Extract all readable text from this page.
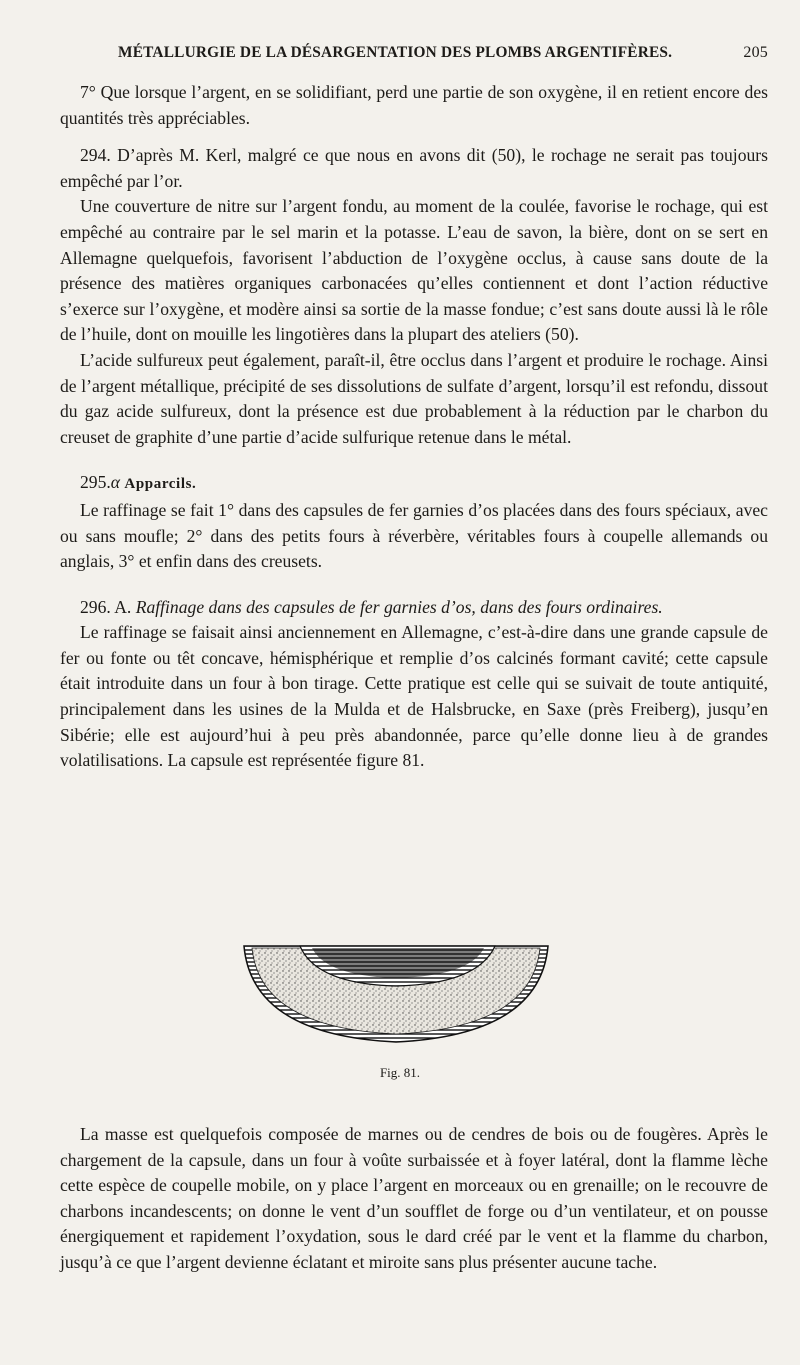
MÉTALLURGIE DE LA DÉSARGENTATION DES PLOMBS ARGENTIFÈRES.	205

7° Que lorsque l’argent, en se solidifiant, perd une partie de son oxygène, il en retient encore des quantités très appréciables.

294. D’après M. Kerl, malgré ce que nous en avons dit (50), le rochage ne serait pas toujours empêché par l’or.

Une couverture de nitre sur l’argent fondu, au moment de la coulée, favorise le rochage, qui est empêché au contraire par le sel marin et la potasse. L’eau de savon, la bière, dont on se sert en Allemagne quelquefois, favorisent l’abduction de l’oxygène occlus, à cause sans doute de la présence des matières organiques carbonacées qu’elles contiennent et dont l’action réductive s’exerce sur l’oxygène, et modère ainsi sa sortie de la masse fondue; c’est sans doute aussi là le rôle de l’huile, dont on mouille les lingotières dans la plupart des ateliers (50).

L’acide sulfureux peut également, paraît-il, être occlus dans l’argent et produire le rochage. Ainsi de l’argent métallique, précipité de ses dissolutions de sulfate d’argent, lorsqu’il est refondu, dissout du gaz acide sulfureux, dont la présence est due probablement à la réduction par le charbon du creuset de graphite d’une partie d’acide sulfurique retenue dans le métal.

295.α Apparcils.

Le raffinage se fait 1° dans des capsules de fer garnies d’os placées dans des fours spéciaux, avec ou sans moufle; 2° dans des petits fours à réverbère, véritables fours à coupelle allemands ou anglais, 3° et enfin dans des creusets.

296. A. Raffinage dans des capsules de fer garnies d’os, dans des fours ordinaires.

Le raffinage se faisait ainsi anciennement en Allemagne, c’est-à-dire dans une grande capsule de fer ou fonte ou têt concave, hémisphérique et remplie d’os calcinés formant cavité; cette capsule était introduite dans un four à bon tirage. Cette pratique est celle qui se suivait de toute antiquité, principalement dans les usines de la Mulda et de Halsbrucke, en Saxe (près Freiberg), jusqu’en Sibérie; elle est aujourd’hui à peu près abandonnée, parce qu’elle donne lieu à de grandes volatilisations. La capsule est représentée figure 81.

Fig. 81.

La masse est quelquefois composée de marnes ou de cendres de bois ou de fougères. Après le chargement de la capsule, dans un four à voûte surbaissée et à foyer latéral, dont la flamme lèche cette espèce de coupelle mobile, on y place l’argent en morceaux ou en grenaille; on le recouvre de charbons incandescents; on donne le vent d’un soufflet de forge ou d’un ventilateur, et on pousse énergiquement et rapidement l’oxydation, sous le dard créé par le vent et la flamme du charbon, jusqu’à ce que l’argent devienne éclatant et miroite sans plus présenter aucune tache.
